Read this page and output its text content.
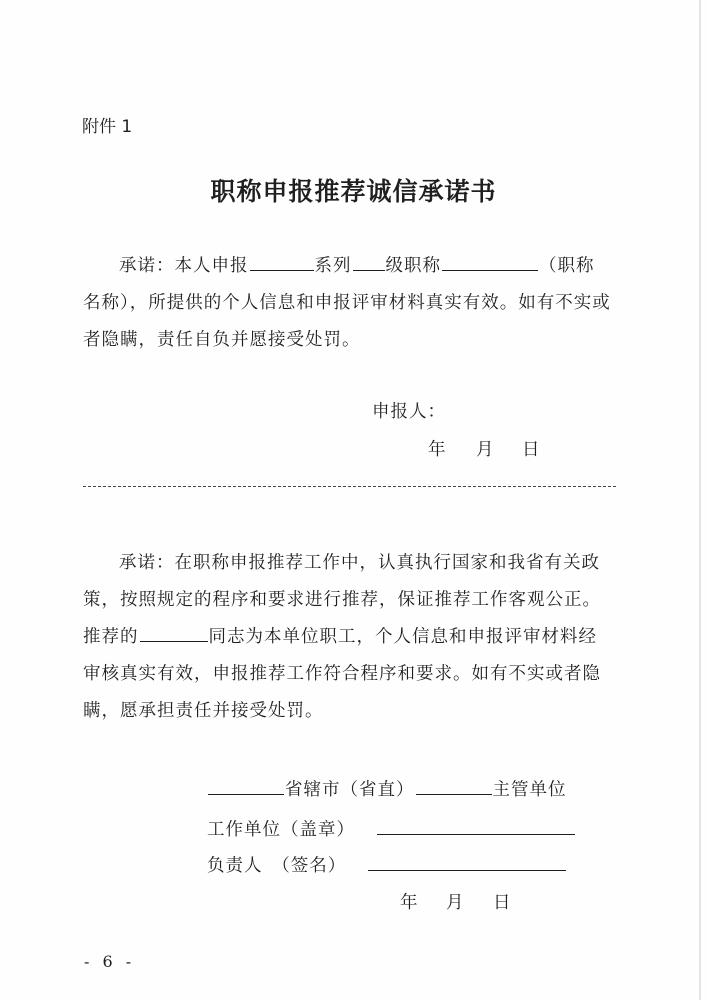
附件 1
职称申报推荐诚信承诺书
承诺：本人申报	系列 级职称	（职称
名称），所提供的个人信息和申报评审材料真实有效。如有不实或
者隐瞒，责任自负并愿接受处罚。
申报人：
年 月 日
承诺：在职称申报推荐工作中，认真执行国家和我省有关政
策，按照规定的程序和要求进行推荐，保证推荐工作客观公正。
推荐的	同志为本单位职工，个人信息和申报评审材料经
审核真实有效，申报推荐工作符合程序和要求。如有不实或者隐
瞒，愿承担责任并接受处罚。
省辖市（省直）	主管单位
工作单位（盖章）
负责人　（签名）
年 月 日
- 6 -
